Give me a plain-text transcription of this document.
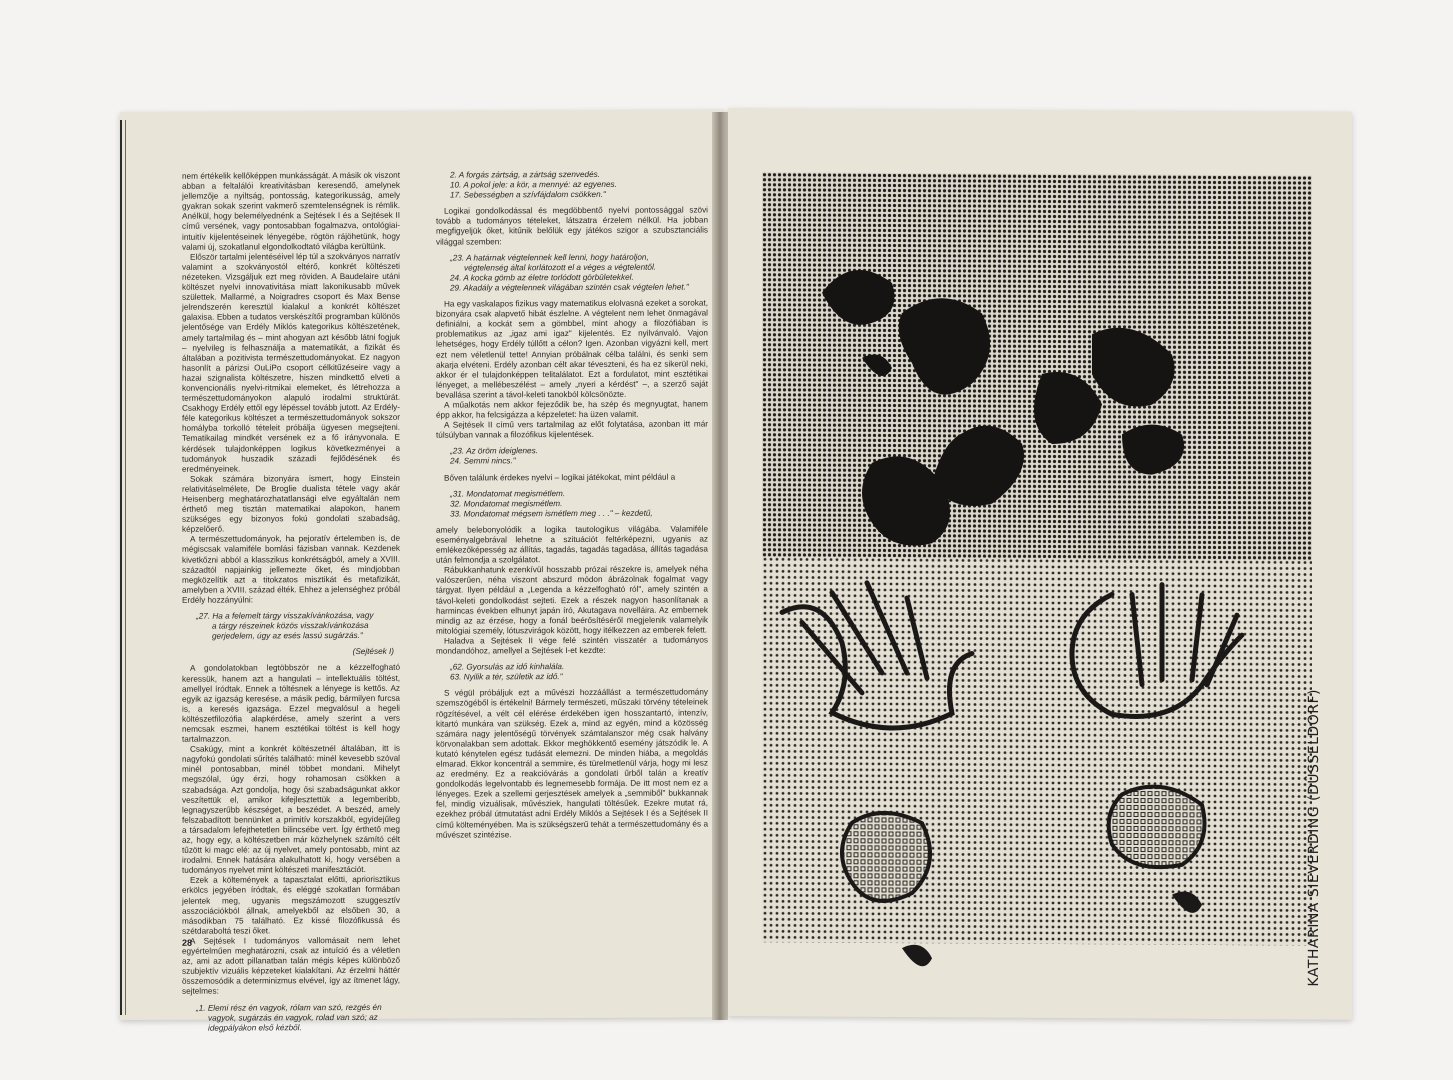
nem értékelik kellőképpen munkásságát. A másik ok viszont abban a feltalálói kreativitásban keresendő, amelynek jellemzője a nyiltság, pontosság, kategorikusság, amely gyakran sokak szerint vakmerő szemtelenségnek is rémlik. Anélkül, hogy belemélyednénk a Sejtések I és a Sejtések II című versének, vagy pontosabban fogalmazva, ontológiai-intuitív kijelentéseinek lényegébe, rögtön rájöhetünk, hogy valami új, szokatlanul elgondolkodtató világba kerültünk.

Először tartalmi jelentéséivel lép túl a szokványos narratív valamint a szokványostól eltérő, konkrét költészeti nézeteken. Vizsgáljuk ezt meg röviden. A Baudelaire utáni költészet nyelvi innovativitása miatt lakonikusabb művek születtek. Mallarmé, a Noigradres csoport és Max Bense jelrendszerén keresztül kialakul a konkrét költészet galaxisa. Ebben a tudatos verskészítői programban különös jelentősége van Erdély Miklós kategorikus költészetének, amely tartalmilag és – mint ahogyan azt később látni fogjuk – nyelvileg is felhasználja a matematikát, a fizikát és általában a pozitivista természettudományokat. Ez nagyon hasonlít a párizsi OuLiPo csoport célkitűzéseire vagy a hazai szignalista költészetre, hiszen mindkettő elveti a konvencionális nyelvi-ritmikai elemeket, és létrehozza a természettudományokon alapuló irodalmi struktúrát. Csakhogy Erdély ettől egy lépéssel tovább jutott. Az Erdély-féle kategorikus költészet a természettudományok sokszor homályba torkolló tételeit próbálja ügyesen megsejteni. Tematikailag mindkét versének ez a fő irányvonala. E kérdések tulajdonképpen logikus következményei a tudományok huszadik századi fejlődésének és eredményeinek.

Sokak számára bizonyára ismert, hogy Einstein relativitáselmélete, De Broglie dualista tétele vagy akár Heisenberg meghatározhatatlansági elve egyáltalán nem érthető meg tisztán matematikai alapokon, hanem szükséges egy bizonyos fokú gondolati szabadság, képzelőerő.

A természettudományok, ha pejoratív értelemben is, de mégiscsak valamiféle bomlási fázisban vannak. Kezdenek kivetkőzni abból a klasszikus konkrétságból, amely a XVIII. századtól napjainkig jellemezte őket, és mindjobban megközelítik azt a titokzatos misztikát és metafizikát, amelyben a XVIII. század élték. Ehhez a jelenséghez próbál Erdély hozzányúlni:

„27. Ha a felemelt tárgy visszakívánkozása, vagy
a tárgy részeinek közös visszakívánkozása
gerjedelem, úgy az esés lassú sugárzás."

(Sejtések I)

A gondolatokban legtöbbször ne a kézzelfogható keressük, hanem azt a hangulati – intellektuális töltést, amellyel íródtak. Ennek a töltésnek a lényege is kettős. Az egyik az igazság keresése, a másik pedig, bármilyen furcsa is, a keresés igazsága. Ezzel megvalósul a hegeli költészetfilozófia alapkérdése, amely szerint a vers nemcsak eszmei, hanem esztétikai töltést is kell hogy tartalmazzon.

Csakúgy, mint a konkrét költészetnél általában, itt is nagyfokú gondolati sűrítés található: minél kevesebb szóval minél pontosabban, minél többet mondani. Mihelyt megszólal, úgy érzi, hogy rohamosan csökken a szabadsága. Azt gondolja, hogy ősi szabadságunkat akkor veszítettük el, amikor kifejlesztettük a legemberibb, legnagyszerűbb készséget, a beszédet. A beszéd, amely felszabadított bennünket a primitív korszakból, egyidejűleg a társadalom lefejthetetlen bilincsébe vert. Így érthető meg az, hogy egy, a költészetben már közhelynek számító célt tűzött ki magc elé: az új nyelvet, amely pontosabb, mint az irodalmi. Ennek hatására alakulhatott ki, hogy versében a tudományos nyelvet mint költészeti manifesztációt.

Ezek a költemények a tapasztalat előtti, apriorisztikus erkölcs jegyében íródtak, és eléggé szokatlan formában jelentek meg, ugyanis megszámozott szuggesztív asszociációkból állnak, amelyekből az elsőben 30, a másodikban 75 található. Ez kissé filozófikussá és szétdaraboltá teszi őket.

A Sejtések I tudományos vallomásait nem lehet egyértelműen meghatározni, csak az intuíció és a véletlen az, ami az adott pillanatban talán mégis képes különböző szubjektív vizuális képzeteket kialakítani. Az érzelmi háttér összemosódik a determinizmus elvével, így az ítmenet lágy, sejtelmes:

„1. Elemi rész én vagyok, rólam van szó, rezgés én
vagyok, sugárzás én vagyok, rolad van szó; az
idegpályákon első kézből.
2. A forgás zártság, a zártság szenvedés.
10. A pokol jele: a kör, a mennyé: az egyenes.
17. Sebességben a szívfájdalom csökken."

Logikai gondolkodással és megdöbbentő nyelvi pontossággal szövi tovább a tudományos tételeket, látszatra érzelem nélkül. Ha jobban megfigyeljük őket, kitűnik belőlük egy játékos szigor a szubsztanciális világgal szemben:

„23. A határnak végtelennek kell lenni, hogy határoljon,
végtelenség által korlátozott el a véges a végtelentől.
24. A kocka gömb az életre torlódott görbületekkel.
29. Akadály a végtelennek világában szintén csak végtelen lehet."

Ha egy vaskalapos fizikus vagy matematikus elolvasná ezeket a sorokat, bizonyára csak alapvető hibát észlelne. A végtelent nem lehet önmagával definiálni, a kockát sem a gömbbel, mint ahogy a filozófiában is problematikus az „igaz ami igaz" kijelentés. Ez nyilvánvaló. Vajon lehetséges, hogy Erdély túllőtt a célon? Igen. Azonban vigyázni kell, mert ezt nem véletlenül tette! Annyian próbálnak célba találni, és senki sem akarja elvéteni. Erdély azonban célt akar téveszteni, és ha ez sikerül neki, akkor ér el tulajdonképpen telitalálatot. Ezt a fordulatot, mint esztétikai lényeget, a mellébeszélést – amely „nyeri a kérdést" –, a szerző saját bevallása szerint a távol-keleti tanokból kölcsönözte.

A műalkotás nem akkor fejeződik be, ha szép és megnyugtat, hanem épp akkor, ha felcsigázza a képzeletet: ha üzen valamit.

A Sejtések II című vers tartalmilag az előt folytatása, azonban itt már túlsúlyban vannak a filozófikus kijelentések.

„23. Az öröm ideiglenes.
24. Semmi nincs."

Bőven találunk érdekes nyelvi – logikai játékokat, mint például a

„31. Mondatomat megismétlem.
32. Mondatomat megismétlem.
33. Mondatomat mégsem ismétlem meg . . ." – kezdetű,

amely belebonyolódik a logika tautologikus világába. Valamiféle eseményalgebrával lehetne a szituációt feltérképezni, ugyanis az emlékezőképesség az állítás, tagadás, tagadás tagadása, állítás tagadása után felmondja a szolgálatot.

Rábukkanhatunk ezenkívül hosszabb prózai részekre is, amelyek néha valószerűen, néha viszont abszurd módon ábrázolnak fogalmat vagy tárgyat. Ilyen például a „Legenda a kézzelfogható ról", amely szintén a távol-keleti gondolkodást sejteti. Ezek a részek nagyon hasonlítanak a harmincas években elhunyt japán író, Akutagava novelláira. Az embernek mindig az az érzése, hogy a fonál beérősítéséről megjelenik valamelyik mitológiai személy, lótuszvirágok között, hogy itélkezzen az emberek felett.

Haladva a Sejtések II vége felé szintén visszatér a tudományos mondandóhoz, amellyel a Sejtések I-et kezdte:

„62. Gyorsulás az idő kinhalála.
63. Nyilik a tér, születik az idő."

S végül próbáljuk ezt a művészi hozzáállást a természettudomány szemszögéből is értékelni! Bármely természeti, műszaki törvény tételeinek rögzítésével, a vélt cél elérése érdekében igen hosszantartó, intenzív, kitartó munkára van szükség. Ezek a, mind az egyén, mind a közösség számára nagy jelentőségű törvények számtalanszor még csak halvány körvonalakban sem adottak. Ekkor meghökkentő esemény játszódik le. A kutató kénytelen egész tudását elemezni. De minden hiába, a megoldás elmarad. Ekkor koncentrál a semmire, és türelmetlenül várja, hogy mi lesz az eredmény. Ez a reakcióvárás a gondolati űrből talán a kreatív gondolkodás legelvontabb és legnemesebb formája. De itt most nem ez a lényeges. Ezek a szellemi gerjesztések amelyek a „semmiből" bukkannak fel, mindig vizuálisak, művésziek, hangulati töltésűek. Ezekre mutat rá, ezekhez próbál útmutatást adni Erdély Miklós a Sejtések I és a Sejtések II című költeményében. Ma is szükségszerű tehát a természettudomány és a művészet szintézise.

28	KATHARINA SIEVERDING (DÜSSELDORF)
